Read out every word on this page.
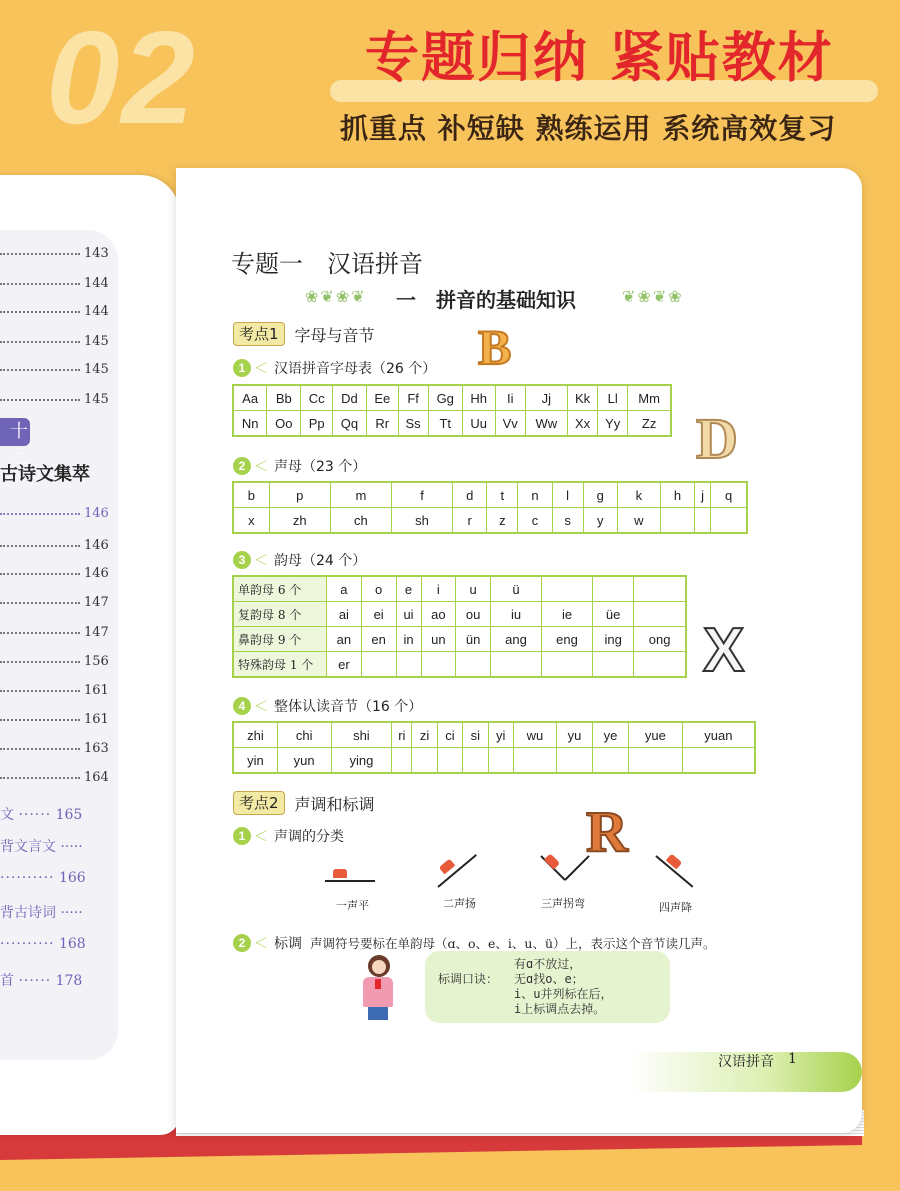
02	专题归纳 紧贴教材
抓重点 补短缺 熟练运用 系统高效复习
143
144
144
145
145
145
十二
古诗文集萃
146
146
146
147
147
156
161
161
163
164
文 ······ 165
背文言文 ·····
·········· 166
背古诗词 ·····
·········· 168
首 ······ 178
专题一　汉语拼音
❀❦❀❦ 一　拼音的基础知识	❦❀❦❀
考点1	字母与音节 B
1 ＜ 汉语拼音字母表（26 个）
Aa	Bb	Cc	Dd	Ee	Ff	Gg	Hh	Ii	Jj	Kk	Ll	Mm
Nn	Oo	Pp	Qq	Rr	Ss	Tt	Uu	Vv	Ww	Xx	Yy	Zz D
2 ＜ 声母（23 个）
b	p	m	f	d	t	n	l	g	k	h	j	q
x	zh	ch	sh	r	z	c	s	y	w			
3 ＜ 韵母（24 个）
单韵母 6 个	a	o	e	i	u	ü			
复韵母 8 个	ai	ei	ui	ao	ou	iu	ie	üe	
鼻韵母 9 个	an	en	in	un	ün	ang	eng	ing	ong
特殊韵母 1 个	er									X
4 ＜ 整体认读音节（16 个）
zhi	chi	shi	ri	zi	ci	si	yi	wu	yu	ye	yue	yuan
yin	yun	ying										
考点2	声调和标调	R
1 ＜ 声调的分类
一声平	二声扬	三声拐弯	四声降
2 ＜ 标调 声调符号要标在单韵母（ɑ、o、e、i、u、ü）上，表示这个音节读几声。
标调口诀：
有ɑ不放过，
无ɑ找o、e；
i、u并列标在后，
i上标调点去掉。
汉语拼音 1
